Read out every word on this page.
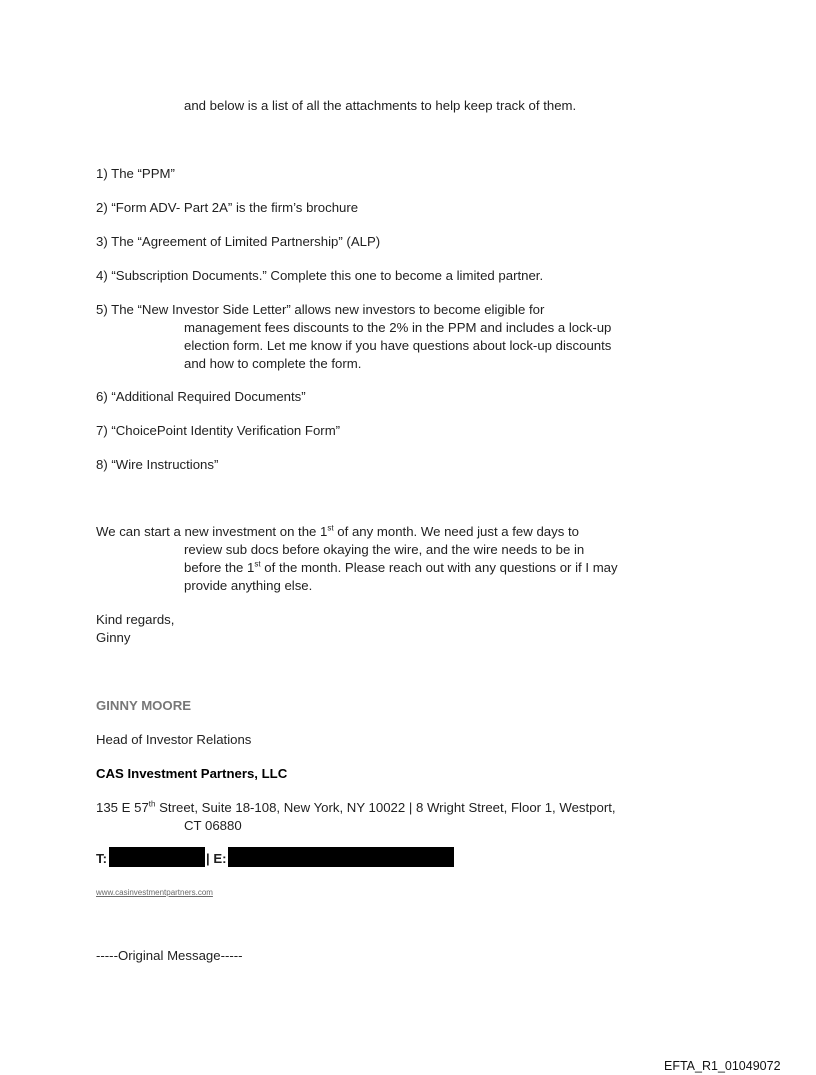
and below is a list of all the attachments to help keep track of them.
1) The “PPM”
2) “Form ADV- Part 2A” is the firm’s brochure
3) The “Agreement of Limited Partnership” (ALP)
4) “Subscription Documents.” Complete this one to become a limited partner.
5) The “New Investor Side Letter” allows new investors to become eligible for
management fees discounts to the 2% in the PPM and includes a lock-up
election form. Let me know if you have questions about lock-up discounts
and how to complete the form.
6) “Additional Required Documents”
7) “ChoicePoint Identity Verification Form”
8) “Wire Instructions”
We can start a new investment on the 1st of any month. We need just a few days to
review sub docs before okaying the wire, and the wire needs to be in
before the 1st of the month. Please reach out with any questions or if I may
provide anything else.
Kind regards,
Ginny
GINNY MOORE
Head of Investor Relations
CAS Investment Partners, LLC
135 E 57th Street, Suite 18-108, New York, NY 10022 | 8 Wright Street, Floor 1, Westport,
CT 06880
T:	| E:
www.casinvestmentpartners.com
-----Original Message-----
EFTA_R1_01049072
